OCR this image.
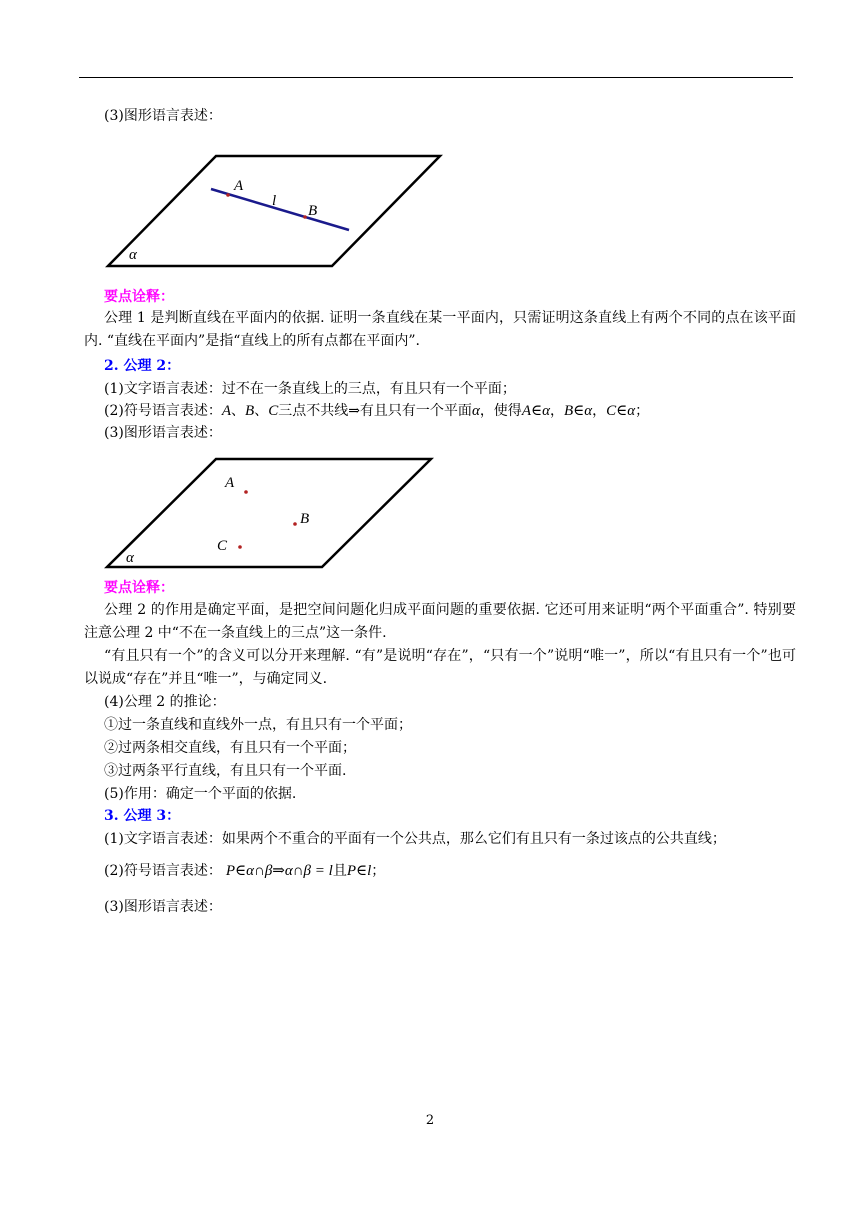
(3)图形语言表述：
A
l
B
α
要点诠释：
公理 1 是判断直线在平面内的依据. 证明一条直线在某一平面内，只需证明这条直线上有两个不同的点在该平面内. “直线在平面内”是指“直线上的所有点都在平面内”.
2. 公理 2：
(1)文字语言表述：过不在一条直线上的三点，有且只有一个平面；
(2)符号语言表述：A、B、C三点不共线⇒有且只有一个平面α，使得A∈α，B∈α，C∈α；
(3)图形语言表述：
A
B
C
α
要点诠释：
公理 2 的作用是确定平面，是把空间问题化归成平面问题的重要依据. 它还可用来证明“两个平面重合”. 特别要注意公理 2 中“不在一条直线上的三点”这一条件.
“有且只有一个”的含义可以分开来理解. “有”是说明“存在”，“只有一个”说明“唯一”，所以“有且只有一个”也可以说成“存在”并且“唯一”，与确定同义.
(4)公理 2 的推论：
①过一条直线和直线外一点，有且只有一个平面；
②过两条相交直线，有且只有一个平面；
③过两条平行直线，有且只有一个平面.
(5)作用：确定一个平面的依据.
3. 公理 3：
(1)文字语言表述：如果两个不重合的平面有一个公共点，那么它们有且只有一条过该点的公共直线；
(2)符号语言表述： P∈α∩β⇒α∩β = l且P∈l；
(3)图形语言表述：
2
